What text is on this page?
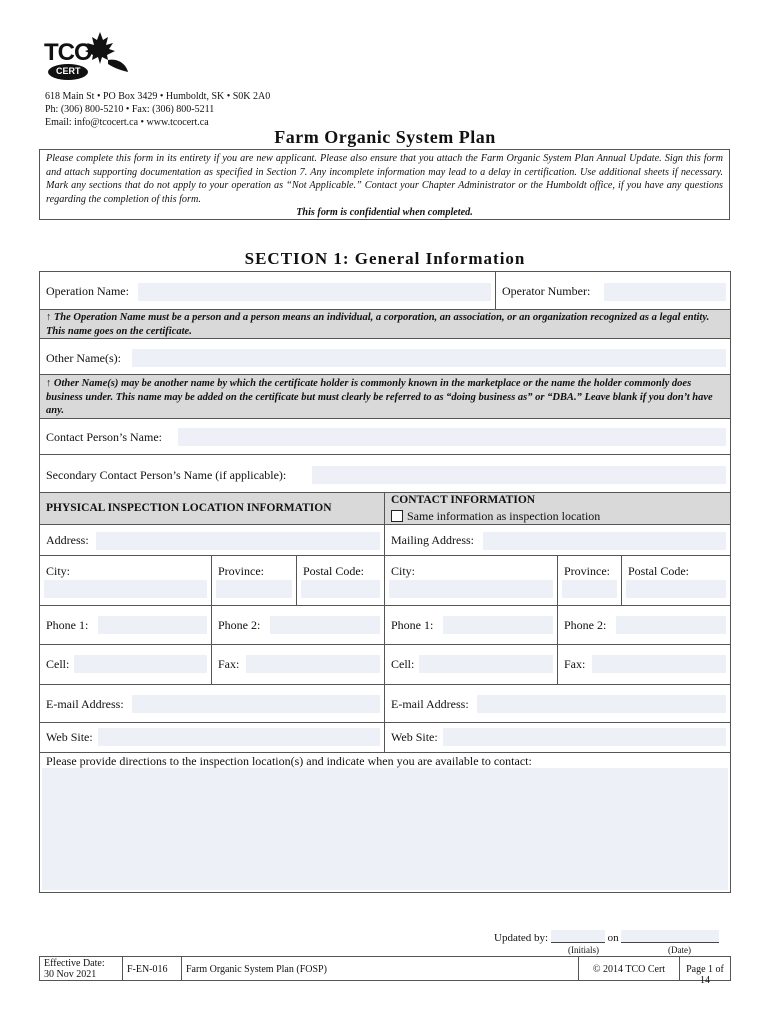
TCO
CERT
618 Main St • PO Box 3429 • Humboldt, SK • S0K 2A0
Ph: (306) 800-5210 • Fax: (306) 800-5211
Email: info@tcocert.ca • www.tcocert.ca
Farm Organic System Plan
Please complete this form in its entirety if you are new applicant. Please also ensure that you attach the Farm Organic System Plan Annual Update. Sign this form and attach supporting documentation as specified in Section 7. Any incomplete information may lead to a delay in certification. Use additional sheets if necessary. Mark any sections that do not apply to your operation as “Not Applicable.” Contact your Chapter Administrator or the Humboldt office, if you have any questions regarding the completion of this form.
This form is confidential when completed.
SECTION 1: General Information
Operation Name:	Operator Number:
↑ The Operation Name must be a person and a person means an individual, a corporation, an association, or an organization recognized as a legal entity. This name goes on the certificate.
Other Name(s):
↑ Other Name(s) may be another name by which the certificate holder is commonly known in the marketplace or the name the holder commonly does business under. This name may be added on the certificate but must clearly be referred to as “doing business as” or “DBA.” Leave blank if you don’t have any.
Contact Person’s Name:
Secondary Contact Person’s Name (if applicable):
PHYSICAL INSPECTION LOCATION INFORMATION
CONTACT INFORMATION
Same information as inspection location
Address:	Mailing Address:
City:	Province:	Postal Code: City:	Province: Postal Code:
Phone 1:	Phone 2:	Phone 1:	Phone 2:
Cell:	Fax:	Cell:	Fax:
E-mail Address:	E-mail Address:
Web Site:	Web Site:
Please provide directions to the inspection location(s) and indicate when you are available to contact:
Updated by:	on
(Initials)	(Date)
Effective Date:
30 Nov 2021	F-EN-016	Farm Organic System Plan (FOSP)	© 2014 TCO Cert	Page 1 of 14
